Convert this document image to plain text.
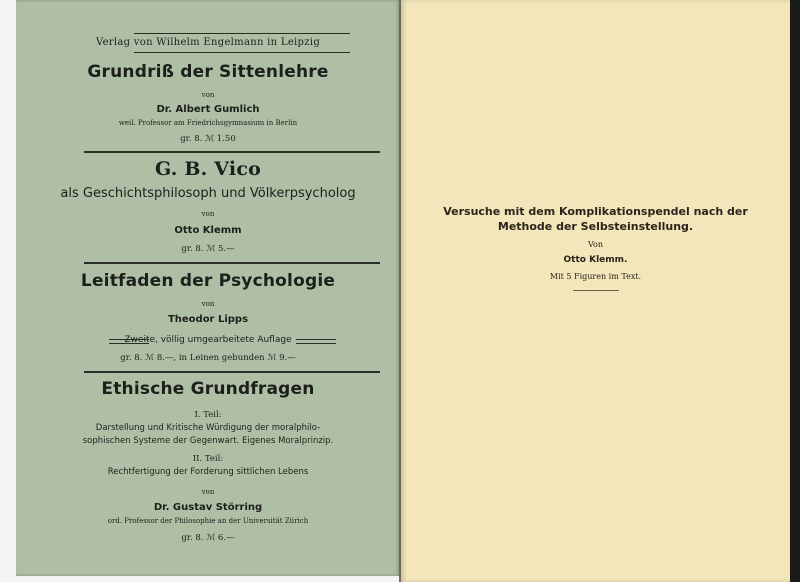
Verlag von Wilhelm Engelmann in Leipzig
Grundriß der Sittenlehre
von
Dr. Albert Gumlich
weil. Professor am Friedrichsgymnasium in Berlin
gr. 8. ℳ 1.50
G. B. Vico
als Geschichtsphilosoph und Völkerpsycholog
von
Otto Klemm
gr. 8. ℳ 5.—
Leitfaden der Psychologie
von
Theodor Lipps
Zweite, völlig umgearbeitete Auflage
gr. 8. ℳ 8.—, in Leinen gebunden ℳ 9.—
Ethische Grundfragen
I. Teil:
Darstellung und Kritische Würdigung der moralphilo-
sophischen Systeme der Gegenwart. Eigenes Moralprinzip.
II. Teil:
Rechtfertigung der Forderung sittlichen Lebens
von
Dr. Gustav Störring
ord. Professor der Philosophie an der Universität Zürich
gr. 8. ℳ 6.—
Versuche mit dem Komplikationspendel nach der
Methode der Selbsteinstellung.
Von
Otto Klemm.
Mit 5 Figuren im Text.
